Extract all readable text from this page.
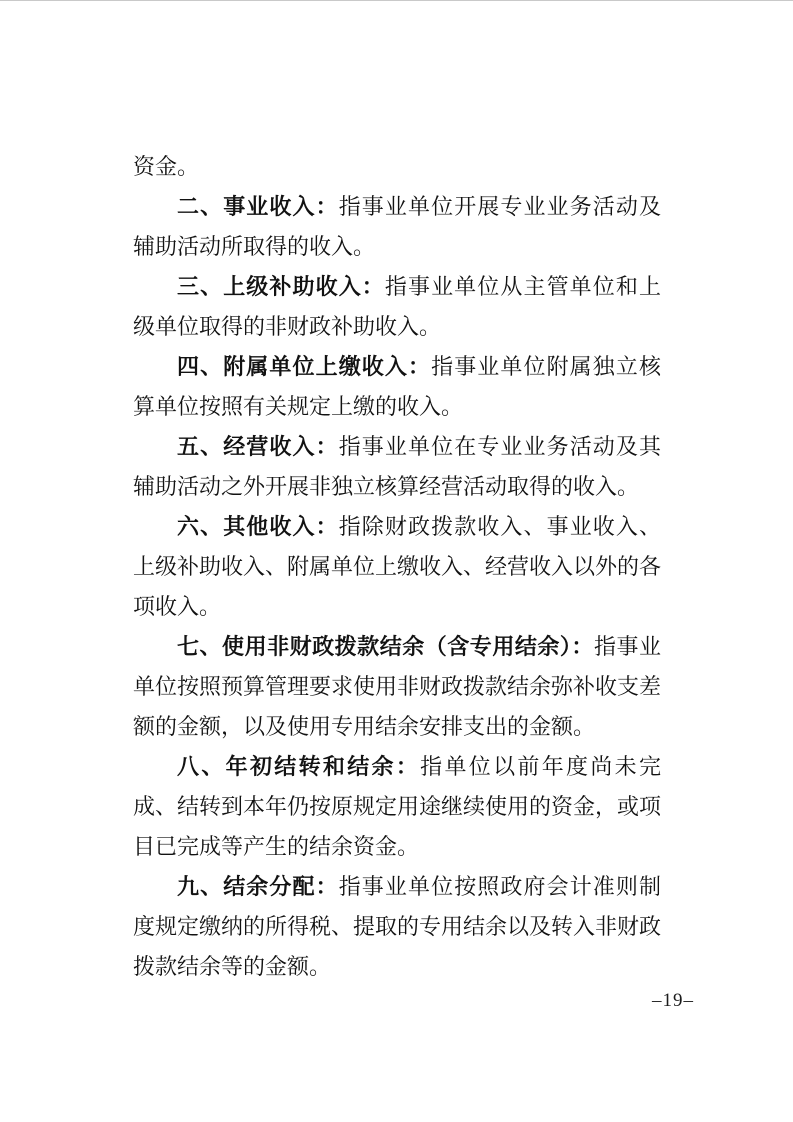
资金。

二、事业收入：指事业单位开展专业业务活动及辅助活动所取得的收入。

三、上级补助收入：指事业单位从主管单位和上级单位取得的非财政补助收入。

四、附属单位上缴收入：指事业单位附属独立核算单位按照有关规定上缴的收入。

五、经营收入：指事业单位在专业业务活动及其辅助活动之外开展非独立核算经营活动取得的收入。

六、其他收入：指除财政拨款收入、事业收入、上级补助收入、附属单位上缴收入、经营收入以外的各项收入。

七、使用非财政拨款结余（含专用结余）：指事业单位按照预算管理要求使用非财政拨款结余弥补收支差额的金额，以及使用专用结余安排支出的金额。

八、年初结转和结余：指单位以前年度尚未完成、结转到本年仍按原规定用途继续使用的资金，或项目已完成等产生的结余资金。

九、结余分配：指事业单位按照政府会计准则制度规定缴纳的所得税、提取的专用结余以及转入非财政拨款结余等的金额。

–19–
